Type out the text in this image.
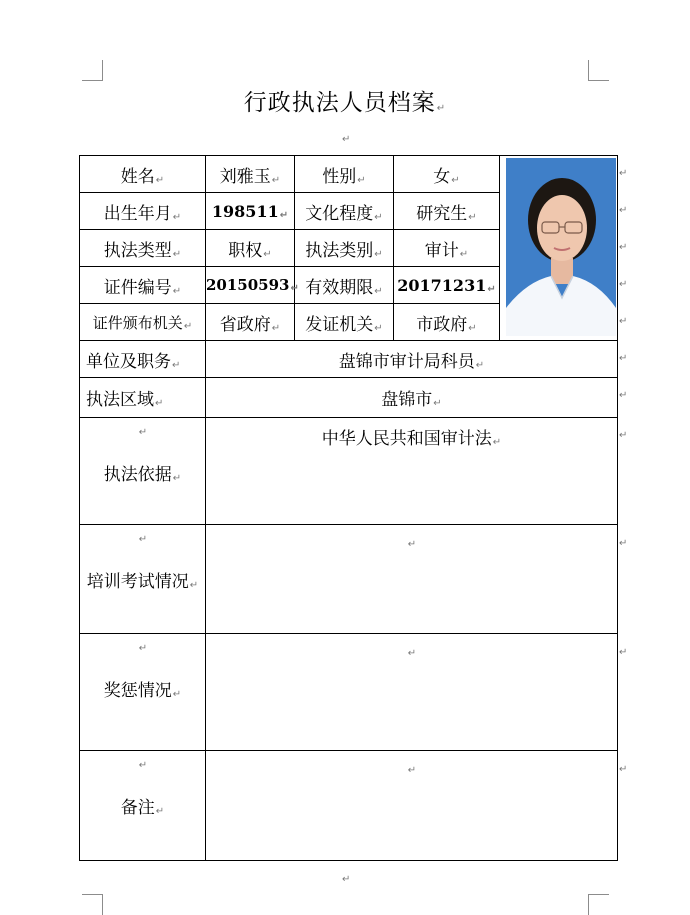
行政执法人员档案↵
↵
姓名↵	刘雅玉↵	性别↵	女↵	

出生年月↵	198511↵	文化程度↵	研究生↵	
执法类型↵	职权↵	执法类别↵	审计↵	
证件编号↵	20150593↵	有效期限↵	20171231↵	
证件颁布机关↵	省政府↵	发证机关↵	市政府↵	
单位及职务↵	盘锦市审计局科员↵			
执法区域↵	盘锦市↵			

↵
执法依据↵	中华人民共和国审计法↵			

↵
培训考试情况↵	↵			

↵
奖惩情况↵	↵			

↵
备注↵	↵			
↵
↵
↵
↵
↵
↵
↵
↵
↵
↵
↵
↵
